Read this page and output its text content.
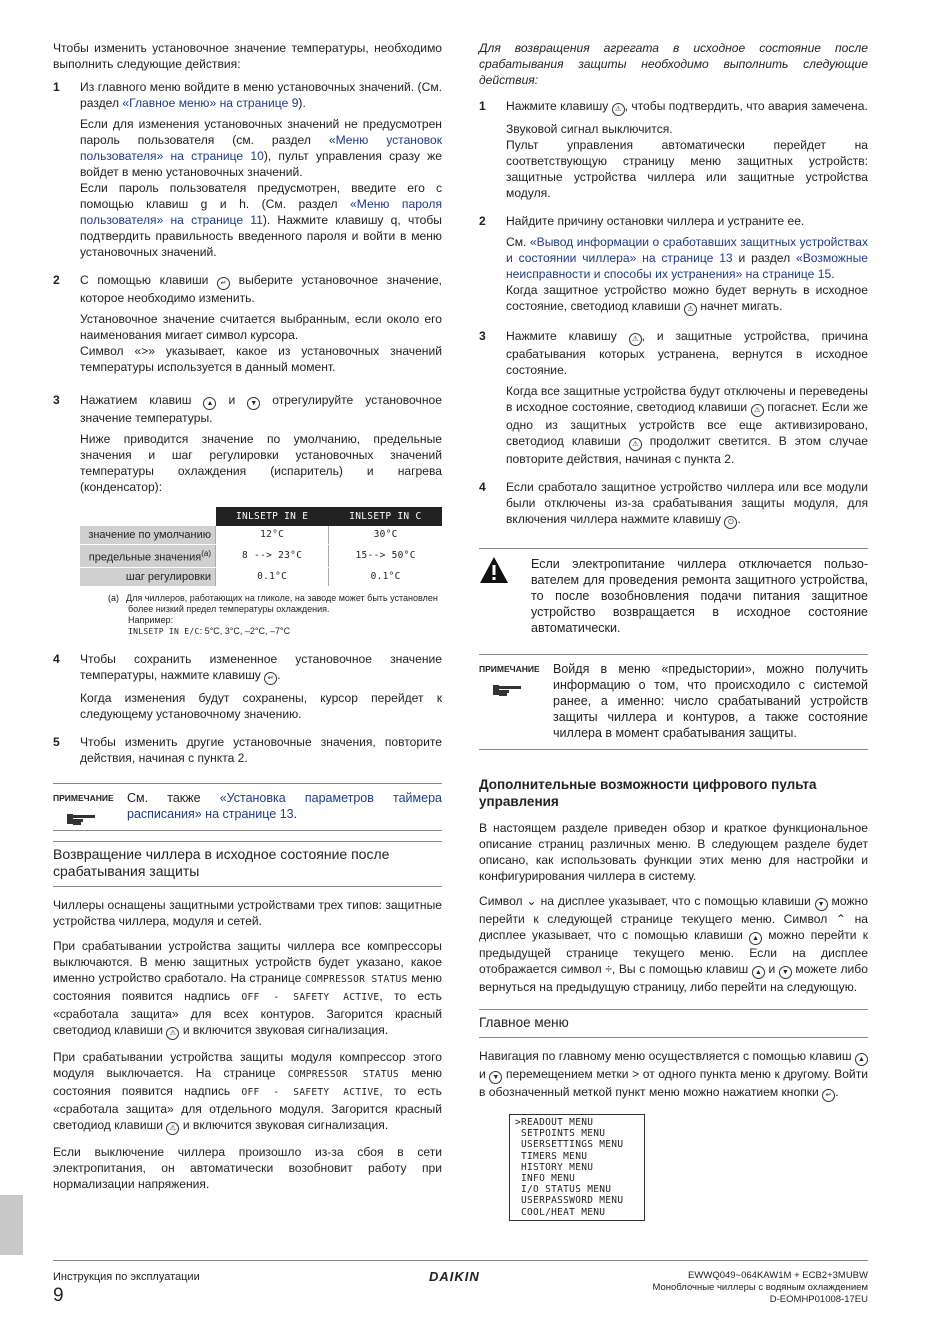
Чтобы изменить установочное значение температуры, необходимо выполнить следующие действия:

1	Из главного меню войдите в меню установочных значений. (См. раздел «Главное меню» на странице 9).

Если для изменения установочных значений не предусмотрен пароль пользователя (см. раздел «Меню установок пользователя» на странице 10), пульт управления сразу же войдет в меню установочных значений.

Если пароль пользователя предусмотрен, введите его с помощью клавиш g и h. (См. раздел «Меню пароля пользователя» на странице 11). Нажмите клавишу q, чтобы подтвердить правильность введенного пароля и войти в меню установочных значений.

2	С помощью клавиши ↵ выберите установочное значение, которое необходимо изменить.

Установочное значение считается выбранным, если около его наименования мигает символ курсора.

Символ «>» указывает, какое из установочных значений температуры используется в данный момент.

3	Нажатием клавиш ▲ и ▼ отрегулируйте установочное значение температуры.

Ниже приводится значение по умолчанию, предельные значения и шаг регулировки установочных значений температуры охлаждения (испаритель) и нагрева (конденсатор):

	INLSETP IN E	INLSETP IN C
значение по умолчанию	12°C	30°C
предельные значения$^{(a)}$	8 --> 23°C	15--> 50°C
шаг регулировки	0.1°C	0.1°C
(a) Для чиллеров, работающих на гликоле, на заводе может быть установлен более низкий предел температуры охлаждения.
Например:
INLSETP IN E/C: 5°C, 3°C, –2°C, –7°C
4	Чтобы сохранить измененное установочное значение температуры, нажмите клавишу ↵ .

Когда изменения будут сохранены, курсор перейдет к следующему установочному значению.

5	Чтобы изменить другие установочные значения, повторите действия, начиная с пункта 2.

ПРИМЕЧАНИЕ	См. также «Установка параметров таймера расписания» на странице 13.
Возвращение чиллера в исходное состояние после срабатывания защиты

Чиллеры оснащены защитными устройствами трех типов: защитные устройства чиллера, модуля и сетей.

При срабатывании устройства защиты чиллера все компрессоры выключаются. В меню защитных устройств будет указано, какое именно устройство сработало. На странице COMPRESSOR STATUS меню состояния появится надпись OFF - SAFETY ACTIVE, то есть «сработала защита» для всех контуров. Загорится красный светодиод клавиши ⚠ и включится звуковая сигнализация.

При срабатывании устройства защиты модуля компрессор этого модуля выключается. На странице COMPRESSOR STATUS меню состояния появится надпись OFF - SAFETY ACTIVE, то есть «сработала защита» для отдельного модуля. Загорится красный светодиод клавиши ⚠ и включится звуковая сигнализация.

Если выключение чиллера произошло из-за сбоя в сети электропитания, он автоматически возобновит работу при нормализации напряжения.

Для возвращения агрегата в исходное состояние после срабатывания защиты необходимо выполнить следующие действия:

1	Нажмите клавишу ⚠ , чтобы подтвердить, что авария замечена.

Звуковой сигнал выключится.

Пульт управления автоматически перейдет на соответствующую страницу меню защитных устройств: защитные устройства чиллера или защитные устройства модуля.

2	Найдите причину остановки чиллера и устраните ее.

См. «Вывод информации о сработавших защитных устройствах и состоянии чиллера» на странице 13 и раздел «Возможные неисправности и способы их устранения» на странице 15.

Когда защитное устройство можно будет вернуть в исходное состояние, светодиод клавиши ⚠ начнет мигать.

3	Нажмите клавишу ⚠ , и защитные устройства, причина срабатывания которых устранена, вернутся в исходное состояние.

Когда все защитные устройства будут отключены и переведены в исходное состояние, светодиод клавиши ⚠ погаснет. Если же одно из защитных устройств все еще активизировано, светодиод клавиши ⚠ продолжит светится. В этом случае повторите действия, начиная с пункта 2.

4	Если сработало защитное устройство чиллера или все модули были отключены из-за срабатывания защиты модуля, для включения чиллера нажмите клавишу ⏻ .

Если электропитание чиллера отключается пользо-вателем для проведения ремонта защитного устройства, то после возобновления подачи питания защитное устройство возвращается в исходное состояние автоматически.
ПРИМЕЧАНИЕ	Войдя в меню «предыстории», можно получить информацию о том, что происходило с системой ранее, а именно: число срабатываний устройств защиты чиллера и контуров, а также состояние чиллера в момент срабатывания защиты.
Дополнительные возможности цифрового пульта управления

В настоящем разделе приведен обзор и краткое функциональное описание страниц различных меню. В следующем разделе будет описано, как использовать функции этих меню для настройки и конфигурирования чиллера в систему.

Символ ⌄ на дисплее указывает, что с помощью клавиши ▼ можно перейти к следующей странице текущего меню. Символ ⌃ на дисплее указывает, что с помощью клавиши ▲ можно перейти к предыдущей странице текущего меню. Если на дисплее отображается символ ÷, Вы с помощью клавиш ▲ и ▼ можете либо вернуться на предыдущую страницу, либо перейти на следующую.

Главное меню

Навигация по главному меню осуществляется с помощью клавиш ▲ и ▼ перемещением метки > от одного пункта меню к другому. Войти в обозначенный меткой пункт меню можно нажатием кнопки ↵ .

>READOUT MENU
SETPOINTS MENU
USERSETTINGS MENU
TIMERS MENU
HISTORY MENU
INFO MENU
I/O STATUS MENU
USERPASSWORD MENU
COOL/HEAT MENU
Инструкция по эксплуатации
9
DAIKIN	EWWQ049~064KAW1M + ECB2+3MUBW
Моноблочные чиллеры с водяным охлаждением
D-EOMHP01008-17EU
